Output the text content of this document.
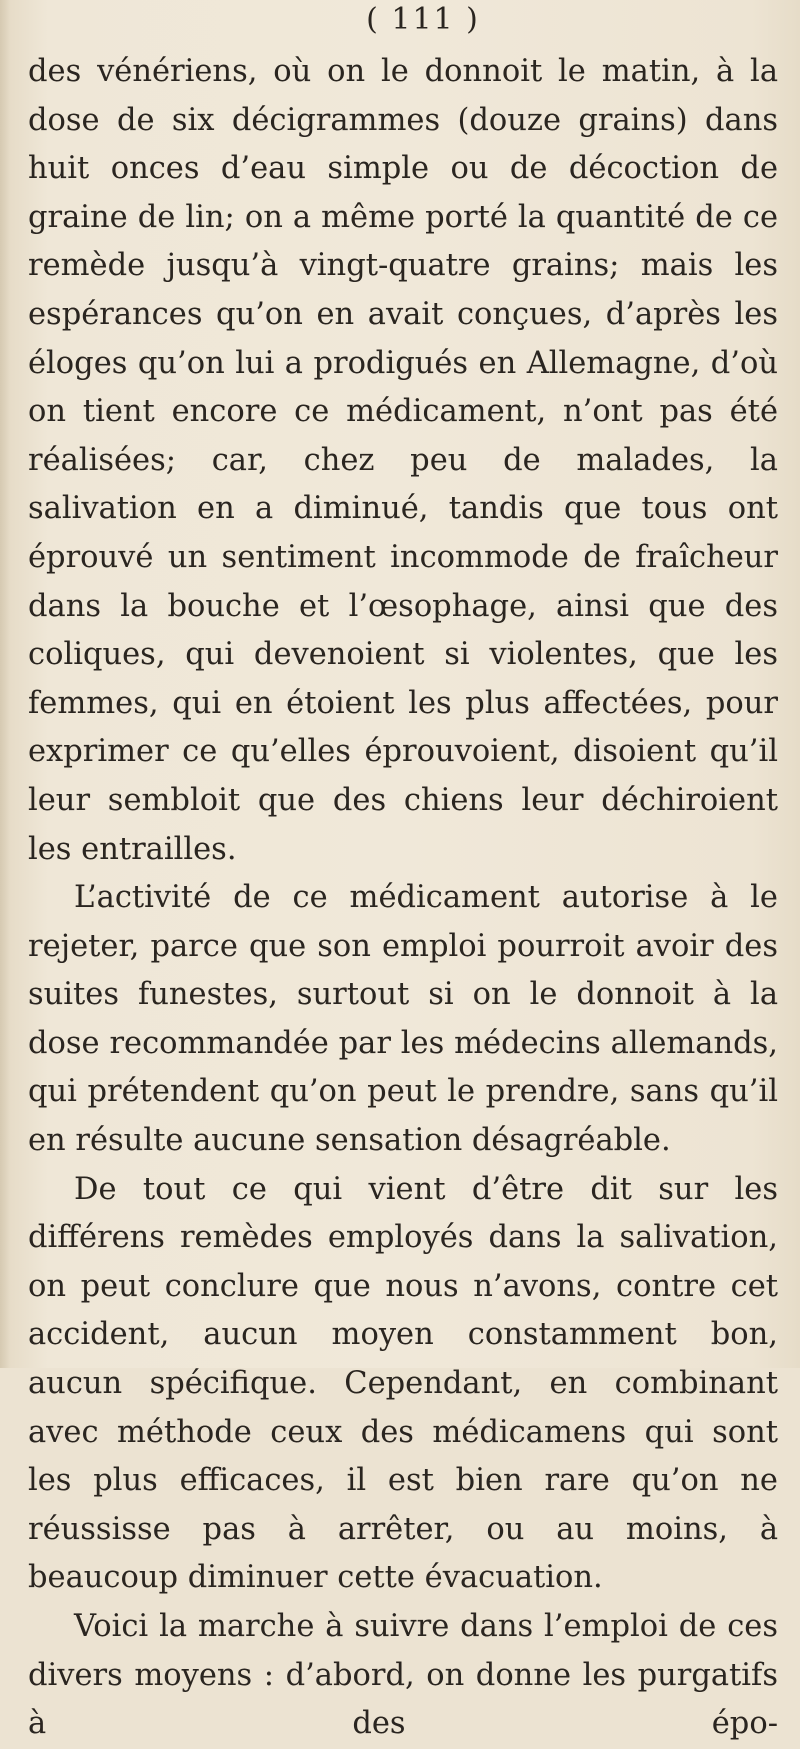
( 111 )

des vénériens, où on le donnoit le matin, à la dose de six décigrammes (douze grains) dans huit onces d’eau simple ou de décoction de graine de lin; on a même porté la quantité de ce remède jusqu’à vingt-quatre grains; mais les espérances qu’on en avait conçues, d’après les éloges qu’on lui a prodigués en Allemagne, d’où on tient encore ce médicament, n’ont pas été réalisées; car, chez peu de malades, la salivation en a diminué, tandis que tous ont éprouvé un sentiment incommode de fraîcheur dans la bouche et l’œsophage, ainsi que des coliques, qui devenoient si violentes, que les femmes, qui en étoient les plus affectées, pour exprimer ce qu’elles éprouvoient, disoient qu’il leur sembloit que des chiens leur déchiroient les entrailles.

L’activité de ce médicament autorise à le rejeter, parce que son emploi pourroit avoir des suites funestes, surtout si on le donnoit à la dose recommandée par les médecins allemands, qui prétendent qu’on peut le prendre, sans qu’il en résulte aucune sensation désagréable.

De tout ce qui vient d’être dit sur les différens remèdes employés dans la salivation, on peut conclure que nous n’avons, contre cet accident, aucun moyen constamment bon, aucun spécifique. Cependant, en combinant avec méthode ceux des médicamens qui sont les plus efficaces, il est bien rare qu’on ne réussisse pas à arrêter, ou au moins, à beaucoup diminuer cette évacuation.

Voici la marche à suivre dans l’emploi de ces divers moyens : d’abord, on donne les purgatifs à des épo-
